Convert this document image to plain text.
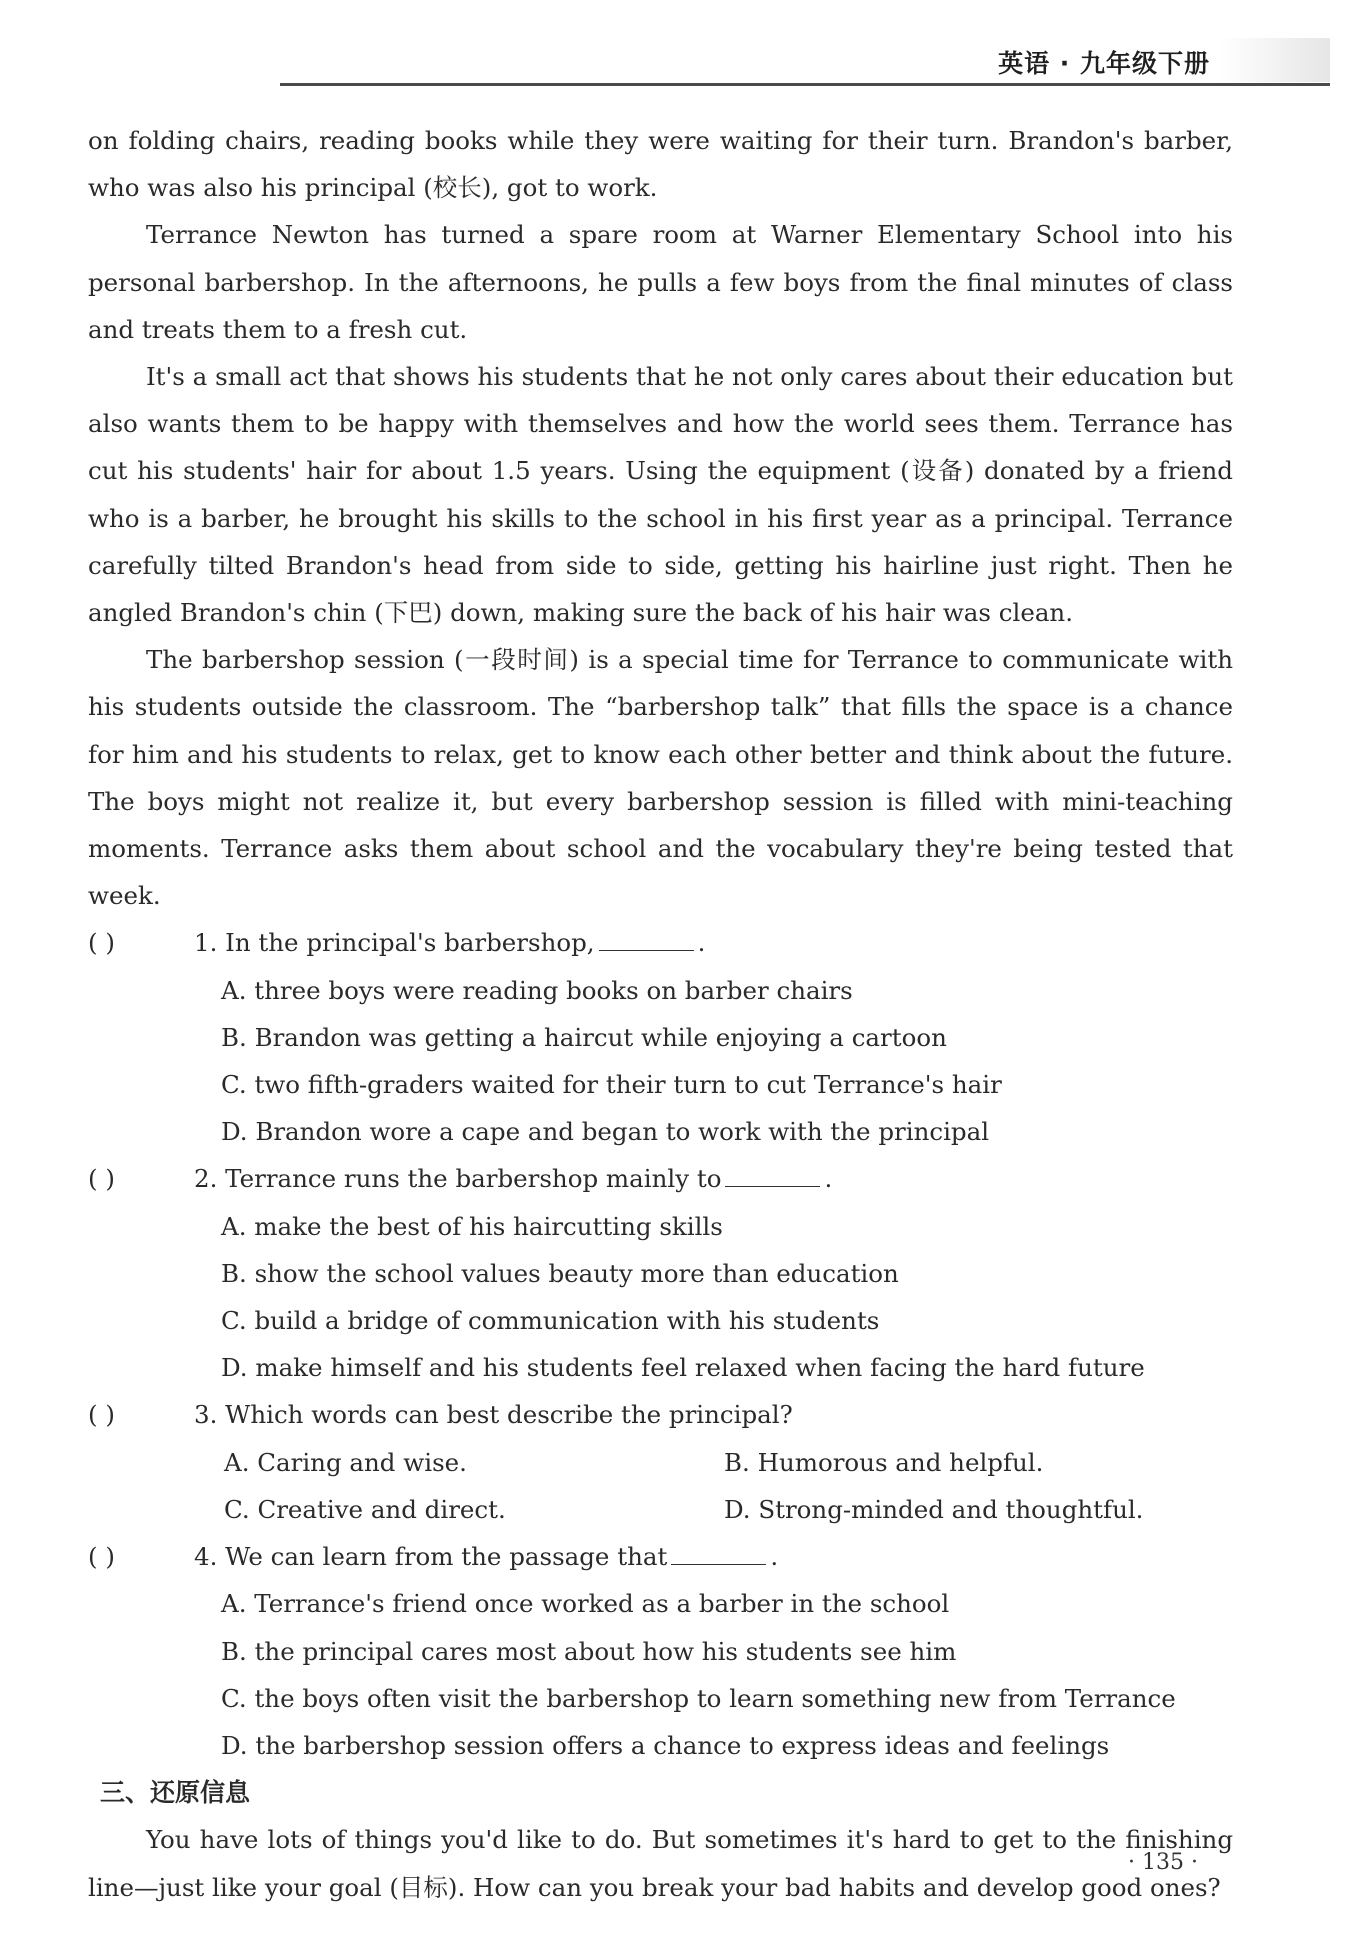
英语 · 九年级下册

on folding chairs, reading books while they were waiting for their turn. Brandon's barber, who was also his principal (校长), got to work.

Terrance Newton has turned a spare room at Warner Elementary School into his personal barbershop. In the afternoons, he pulls a few boys from the final minutes of class and treats them to a fresh cut.

It's a small act that shows his students that he not only cares about their education but also wants them to be happy with themselves and how the world sees them. Terrance has cut his students' hair for about 1.5 years. Using the equipment (设备) donated by a friend who is a barber, he brought his skills to the school in his first year as a principal. Terrance carefully tilted Brandon's head from side to side, getting his hairline just right. Then he angled Brandon's chin (下巴) down, making sure the back of his hair was clean.

The barbershop session (一段时间) is a special time for Terrance to communicate with his students outside the classroom. The “barbershop talk” that fills the space is a chance for him and his students to relax, get to know each other better and think about the future. The boys might not realize it, but every barbershop session is filled with mini-teaching moments. Terrance asks them about school and the vocabulary they're being tested that week.

( )	1. In the principal's barbershop,	.
A. three boys were reading books on barber chairs
B. Brandon was getting a haircut while enjoying a cartoon
C. two fifth-graders waited for their turn to cut Terrance's hair
D. Brandon wore a cape and began to work with the principal
( )	2. Terrance runs the barbershop mainly to	.
A. make the best of his haircutting skills
B. show the school values beauty more than education
C. build a bridge of communication with his students
D. make himself and his students feel relaxed when facing the hard future
( )	3. Which words can best describe the principal?
A. Caring and wise.	B. Humorous and helpful.
C. Creative and direct.	D. Strong-minded and thoughtful.
( )	4. We can learn from the passage that	.
A. Terrance's friend once worked as a barber in the school
B. the principal cares most about how his students see him
C. the boys often visit the barbershop to learn something new from Terrance
D. the barbershop session offers a chance to express ideas and feelings
三、还原信息

You have lots of things you'd like to do. But sometimes it's hard to get to the finishing line—just like your goal (目标). How can you break your bad habits and develop good ones?

· 135 ·
